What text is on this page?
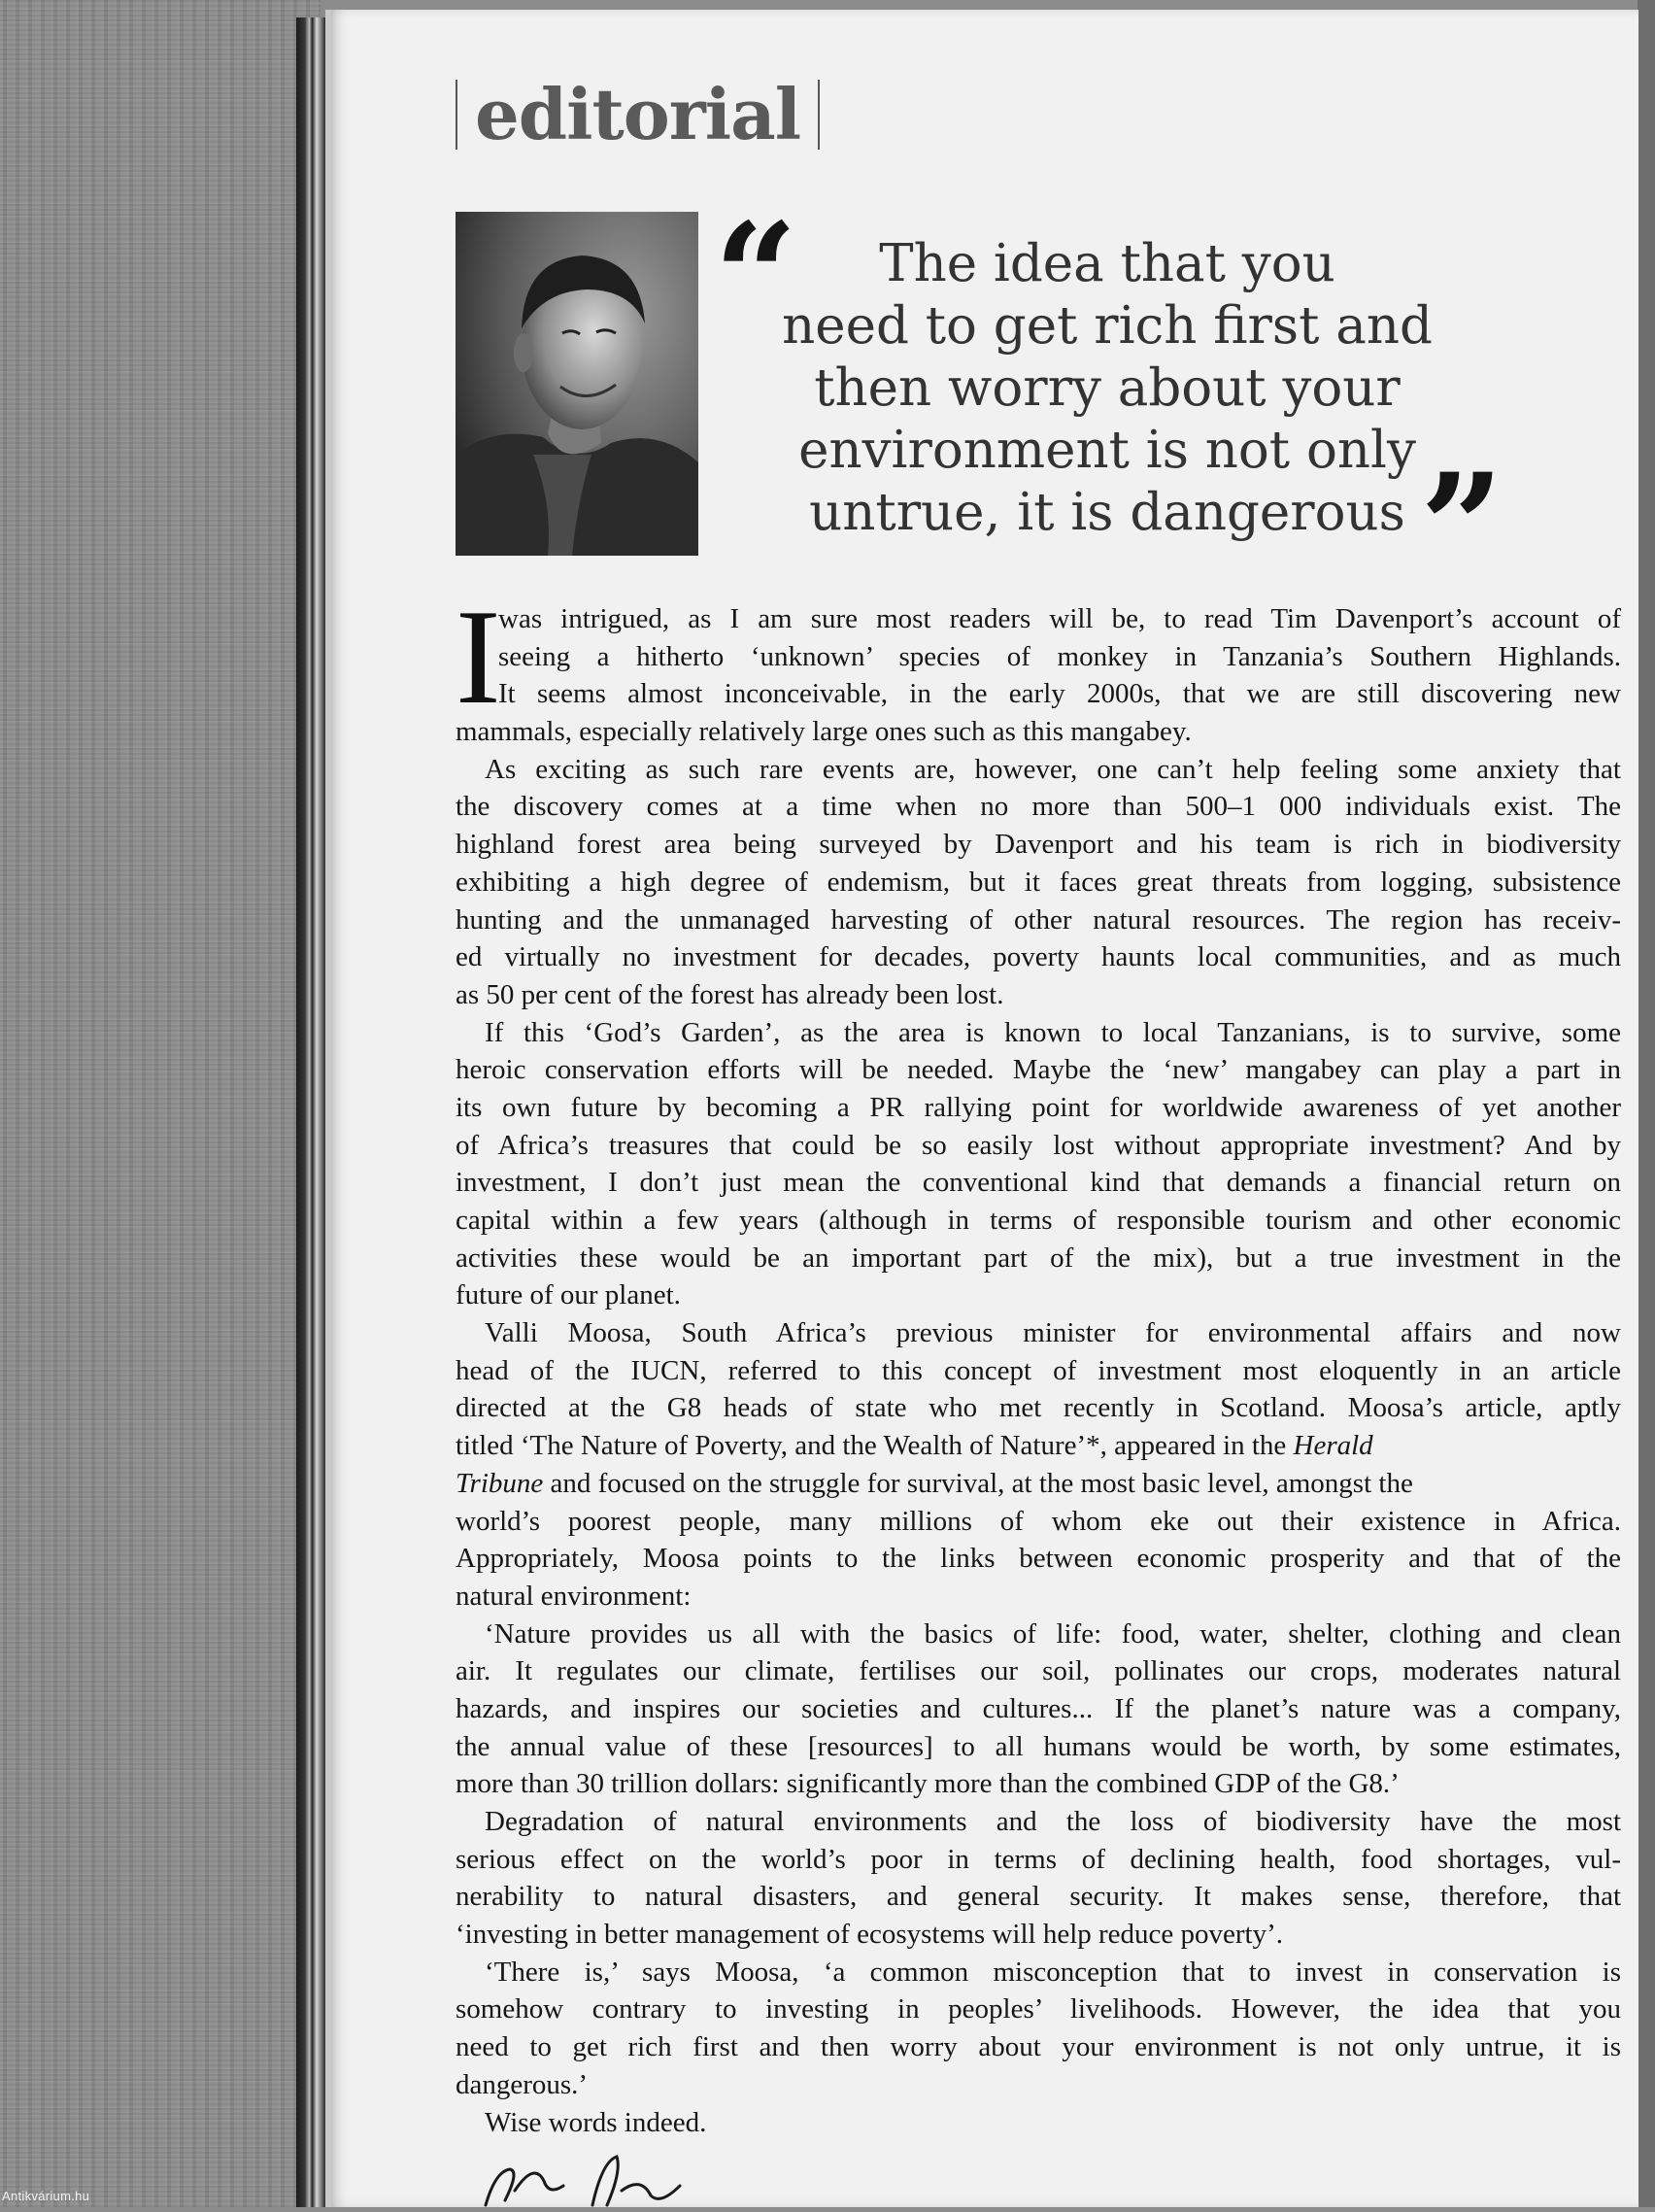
editorial
“	The idea that you
need to get rich first and
then worry about your
environment is not only
untrue, it is dangerous ”
I
was intrigued, as I am sure most readers will be, to read Tim Davenport’s account of
seeing a hitherto ‘unknown’ species of monkey in Tanzania’s Southern Highlands.
It seems almost inconceivable, in the early 2000s, that we are still discovering new
mammals, especially relatively large ones such as this mangabey.
As exciting as such rare events are, however, one can’t help feeling some anxiety that
the discovery comes at a time when no more than 500–1 000 individuals exist. The
highland forest area being surveyed by Davenport and his team is rich in biodiversity
exhibiting a high degree of endemism, but it faces great threats from logging, subsistence
hunting and the unmanaged harvesting of other natural resources. The region has receiv-
ed virtually no investment for decades, poverty haunts local communities, and as much
as 50 per cent of the forest has already been lost.
If this ‘God’s Garden’, as the area is known to local Tanzanians, is to survive, some
heroic conservation efforts will be needed. Maybe the ‘new’ mangabey can play a part in
its own future by becoming a PR rallying point for worldwide awareness of yet another
of Africa’s treasures that could be so easily lost without appropriate investment? And by
investment, I don’t just mean the conventional kind that demands a financial return on
capital within a few years (although in terms of responsible tourism and other economic
activities these would be an important part of the mix), but a true investment in the
future of our planet.
Valli Moosa, South Africa’s previous minister for environmental affairs and now
head of the IUCN, referred to this concept of investment most eloquently in an article
directed at the G8 heads of state who met recently in Scotland. Moosa’s article, aptly
titled ‘The Nature of Poverty, and the Wealth of Nature’*, appeared in the Herald
Tribune and focused on the struggle for survival, at the most basic level, amongst the
world’s poorest people, many millions of whom eke out their existence in Africa.
Appropriately, Moosa points to the links between economic prosperity and that of the
natural environment:
‘Nature provides us all with the basics of life: food, water, shelter, clothing and clean
air. It regulates our climate, fertilises our soil, pollinates our crops, moderates natural
hazards, and inspires our societies and cultures... If the planet’s nature was a company,
the annual value of these [resources] to all humans would be worth, by some estimates,
more than 30 trillion dollars: significantly more than the combined GDP of the G8.’
Degradation of natural environments and the loss of biodiversity have the most
serious effect on the world’s poor in terms of declining health, food shortages, vul-
nerability to natural disasters, and general security. It makes sense, therefore, that
‘investing in better management of ecosystems will help reduce poverty’.
‘There is,’ says Moosa, ‘a common misconception that to invest in conservation is
somehow contrary to investing in peoples’ livelihoods. However, the idea that you
need to get rich first and then worry about your environment is not only untrue, it is
dangerous.’
Wise words indeed.
Antikvárium.hu
